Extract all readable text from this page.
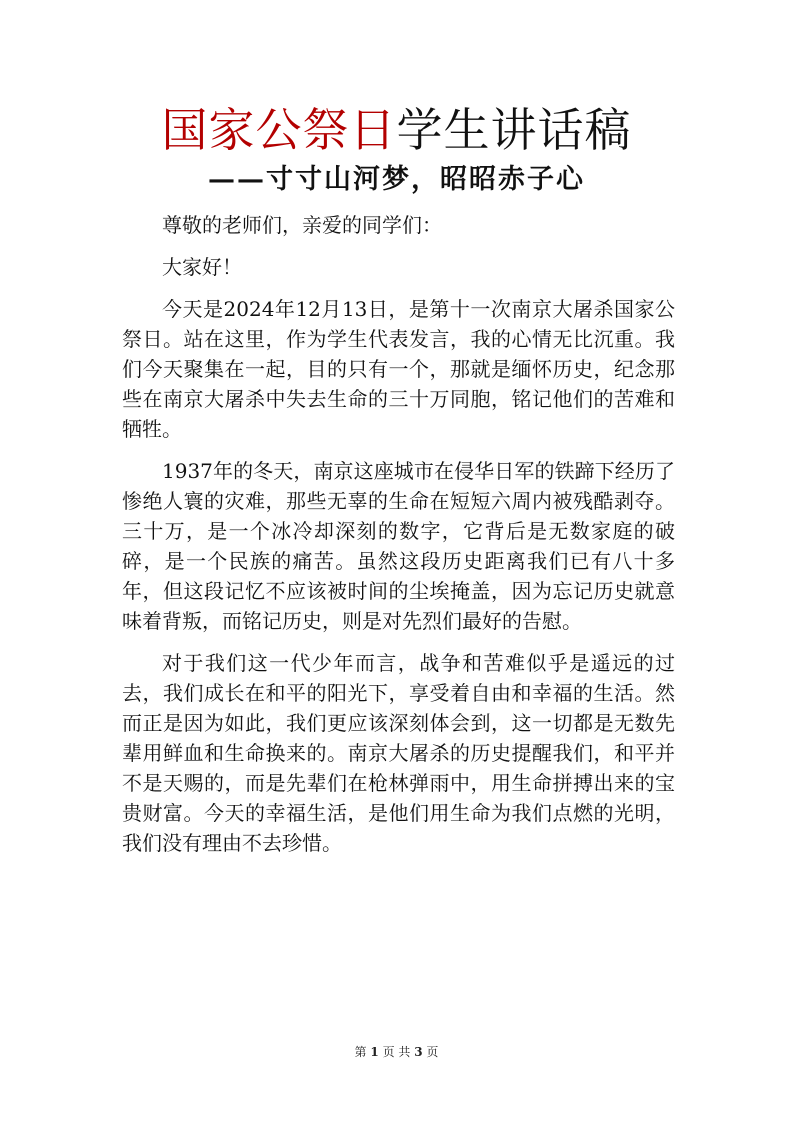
国家公祭日学生讲话稿
——寸寸山河梦，昭昭赤子心

尊敬的老师们，亲爱的同学们：

大家好！

今天是2024年12月13日，是第十一次南京大屠杀国家公祭日。站在这里，作为学生代表发言，我的心情无比沉重。我们今天聚集在一起，目的只有一个，那就是缅怀历史，纪念那些在南京大屠杀中失去生命的三十万同胞，铭记他们的苦难和牺牲。

1937年的冬天，南京这座城市在侵华日军的铁蹄下经历了惨绝人寰的灾难，那些无辜的生命在短短六周内被残酷剥夺。三十万，是一个冰冷却深刻的数字，它背后是无数家庭的破碎，是一个民族的痛苦。虽然这段历史距离我们已有八十多年，但这段记忆不应该被时间的尘埃掩盖，因为忘记历史就意味着背叛，而铭记历史，则是对先烈们最好的告慰。

对于我们这一代少年而言，战争和苦难似乎是遥远的过去，我们成长在和平的阳光下，享受着自由和幸福的生活。然而正是因为如此，我们更应该深刻体会到，这一切都是无数先辈用鲜血和生命换来的。南京大屠杀的历史提醒我们，和平并不是天赐的，而是先辈们在枪林弹雨中，用生命拼搏出来的宝贵财富。今天的幸福生活，是他们用生命为我们点燃的光明，我们没有理由不去珍惜。

第 1 页 共 3 页
